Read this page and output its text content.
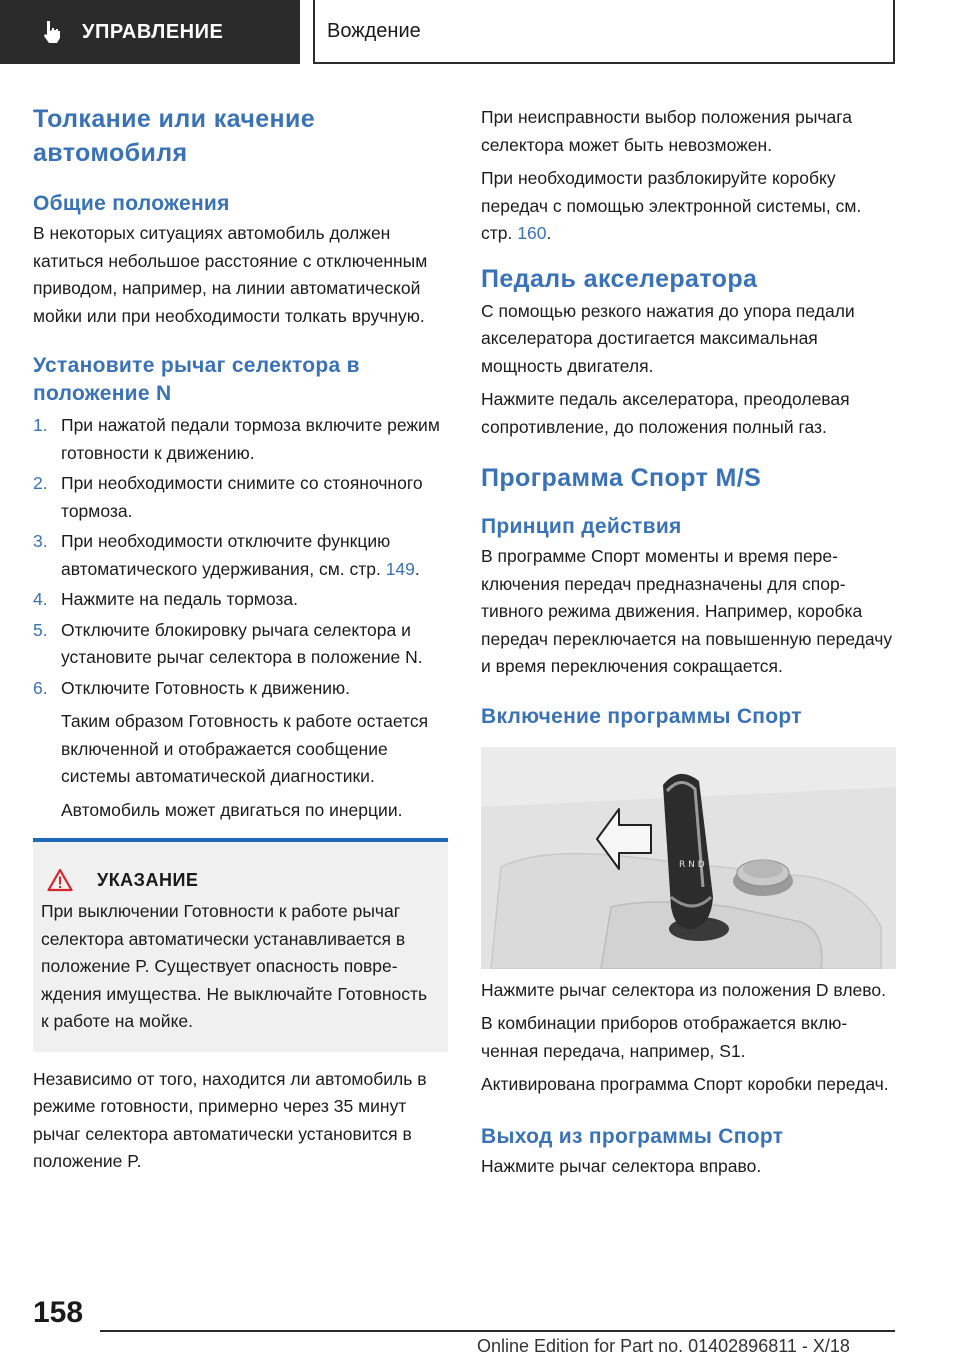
УПРАВЛЕНИЕ	Вождение
Толкание или качение автомобиля
Общие положения

В некоторых ситуациях автомобиль должен катиться небольшое расстояние с отключенным приводом, например, на линии автоматической мойки или при необходимости толкать вручную.

Установите рычаг селектора в положение N
1. При нажатой педали тормоза включите режим готовности к движению.
2. При необходимости снимите со стояночного тормоза.
3. При необходимости отключите функцию автоматического удерживания, см. стр. 149.
4. Нажмите на педаль тормоза.
5. Отключите блокировку рычага селектора и установите рычаг селектора в положение N.
6. Отключите Готовность к движению.

Таким образом Готовность к работе остается включенной и отображается сообщение системы автоматической диагностики.

Автомобиль может двигаться по инерции.

УКАЗАНИЕ

При выключении Готовности к работе рычаг селектора автоматически устанавливается в положение P. Существует опасность повреждения имущества. Не выключайте Готовность к работе на мойке.

Независимо от того, находится ли автомобиль в режиме готовности, примерно через 35 минут рычаг селектора автоматически установится в положение P.

При неисправности выбор положения рычага селектора может быть невозможен.

При необходимости разблокируйте коробку передач с помощью электронной системы, см. стр. 160.

Педаль акселератора

С помощью резкого нажатия до упора педали акселератора достигается максимальная мощность двигателя.

Нажмите педаль акселератора, преодолевая сопротивление, до положения полный газ.

Программа Спорт M/S
Принцип действия

В программе Спорт моменты и время переключения передач предназначены для спортивного режима движения. Например, коробка передач переключается на повышенную передачу и время переключения сокращается.

Включение программы Спорт
R N D

Нажмите рычаг селектора из положения D влево.

В комбинации приборов отображается включенная передача, например, S1.

Активирована программа Спорт коробки передач.

Выход из программы Спорт

Нажмите рычаг селектора вправо.

158
Online Edition for Part no. 01402896811 - X/18
